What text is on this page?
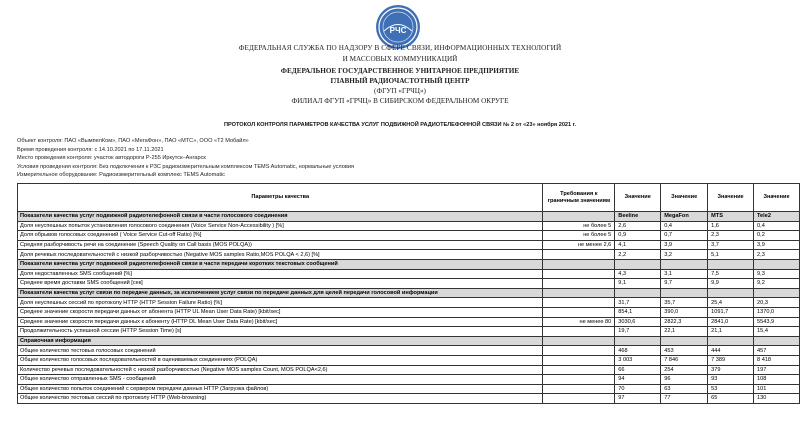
РЧС
ФЕДЕРАЛЬНАЯ СЛУЖБА ПО НАДЗОРУ В СФЕРЕ СВЯЗИ, ИНФОРМАЦИОННЫХ ТЕХНОЛОГИЙ
И МАССОВЫХ КОММУНИКАЦИЙ
ФЕДЕРАЛЬНОЕ ГОСУДАРСТВЕННОЕ УНИТАРНОЕ ПРЕДПРИЯТИЕ
ГЛАВНЫЙ РАДИОЧАСТОТНЫЙ ЦЕНТР
(ФГУП «ГРЧЦ»)
ФИЛИАЛ ФГУП «ГРЧЦ» В СИБИРСКОМ ФЕДЕРАЛЬНОМ ОКРУГЕ
ПРОТОКОЛ КОНТРОЛЯ ПАРАМЕТРОВ КАЧЕСТВА УСЛУГ ПОДВИЖНОЙ РАДИОТЕЛЕФОННОЙ СВЯЗИ № 2 от «23» ноября 2021 г.
Объект контроля: ПАО «ВымпелКом», ПАО «МегаФон», ПАО «МТС», ООО «Т2 Мобайл»
Время проведения контроля: с 14.10.2021 по 17.11.2021
Место проведения контроля: участок автодороги Р-255 Иркутск–Ангарск
Условия проведения контроля: Без подключения к РЗС радиоизмерительным комплексом TEMS Automatic, нормальные условия
Измерительное оборудование: Радиоизмерительный комплекс TEMS Automatic
Параметры качества	Требования к граничным значениям	Значение	Значение	Значение	Значение
Показатели качества услуг подвижной радиотелефонной связи в части голосового соединения		Beeline	MegaFon	MTS	Tele2
Доля неуспешных попыток установления голосового соединения (Voice Service Non-Accessibility ) [%]	не более 5	2,6	0,4	1,6	0,4
Доля обрывов голосовых соединений ( Voice Service Cut-off Ratio) [%]	не более 5	0,9	0,7	2,3	0,2
Средняя разборчивость речи на соединение (Speech Quality on Call basis (MOS POLQA))	не менее 2,6	4,1	3,9	3,7	3,9
Доля речевых последовательностей с низкой разборчивостью (Negative MOS samples Ratio,MOS POLQA < 2,6) [%]		2,2	3,2	5,1	2,3
Показатели качества услуг подвижной радиотелефонной связи в части передачи коротких текстовых сообщений					
Доля недоставленных SMS сообщений [%]		4,3	3,1	7,5	9,3
Среднее время доставки SMS сообщений [сек]		9,1	9,7	9,9	9,2
Показатели качества услуг связи по передаче данных, за исключением услуг связи по передаче данных для целей передачи голосовой информации					
Доля неуспешных сессий по протоколу HTTP (HTTP Session Failure Ratio) [%]		31,7	35,7	25,4	20,3
Среднее значение скорости передачи данных от абонента (HTTP UL Mean User Data Rate) [kbit/sec]		854,1	390,0	1091,7	1370,0
Среднее значение скорости передачи данных к абоненту (HTTP DL Mean User Data Rate) [kbit/sec]	не менее 80	3030,6	2822,3	2841,0	5543,9
Продолжительность успешной сессии (HTTP Session Time) [s]		19,7	22,1	21,1	15,4
Справочная информация					
Общее количество тестовых голосовых соединений		468	453	444	457
Общее количество голосовых последовательностей в оцениваемых соединениях (POLQA)		3 003	7 846	7 389	8 418
Количество речевых последовательностей с низкой разборчивостью (Negative MOS samples Count, MOS POLQA<2,6)		66	254	379	197
Общее количество отправленных SMS - сообщений		94	96	93	108
Общее количество попыток соединений с сервером передачи данных HTTP (Загрузка файлов)		70	63	53	101
Общее количество тестовых сессий по протоколу HTTP (Web-browsing)		97	77	65	130
